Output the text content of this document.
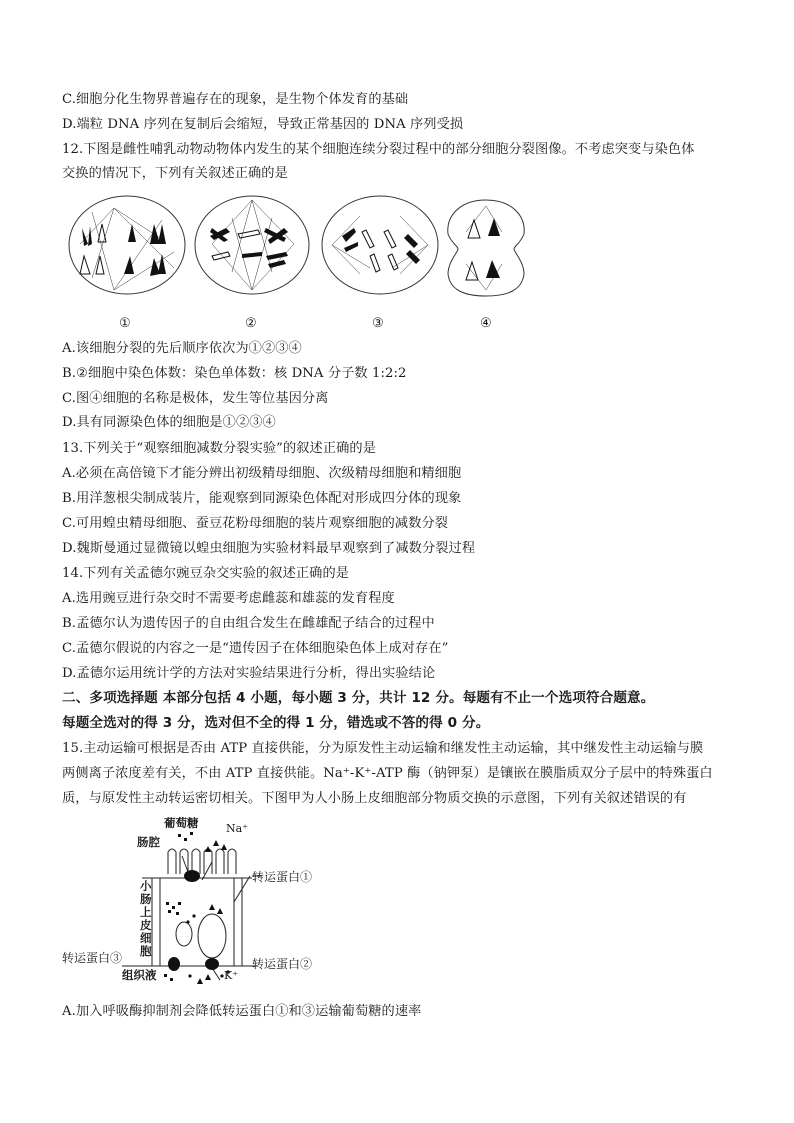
C.细胞分化生物界普遍存在的现象，是生物个体发育的基础
D.端粒 DNA 序列在复制后会缩短，导致正常基因的 DNA 序列受损
12.下图是雌性哺乳动物动物体内发生的某个细胞连续分裂过程中的部分细胞分裂图像。不考虑突变与染色体
交换的情况下，下列有关叙述正确的是
①	②	③	④
A.该细胞分裂的先后顺序依次为①②③④
B.②细胞中染色体数：染色单体数：核 DNA 分子数 1:2:2
C.图④细胞的名称是极体，发生等位基因分离
D.具有同源染色体的细胞是①②③④
13.下列关于“观察细胞减数分裂实验”的叙述正确的是
A.必须在高倍镜下才能分辨出初级精母细胞、次级精母细胞和精细胞
B.用洋葱根尖制成装片，能观察到同源染色体配对形成四分体的现象
C.可用蝗虫精母细胞、蚕豆花粉母细胞的装片观察细胞的减数分裂
D.魏斯曼通过显微镜以蝗虫细胞为实验材料最早观察到了减数分裂过程
14.下列有关孟德尔豌豆杂交实验的叙述正确的是
A.选用豌豆进行杂交时不需要考虑雌蕊和雄蕊的发育程度
B.孟德尔认为遗传因子的自由组合发生在雌雄配子结合的过程中
C.孟德尔假说的内容之一是“遗传因子在体细胞染色体上成对存在”
D.孟德尔运用统计学的方法对实验结果进行分析，得出实验结论
二、多项选择题 本部分包括 4 小题，每小题 3 分，共计 12 分。每题有不止一个选项符合题意。
每题全选对的得 3 分，选对但不全的得 1 分，错选或不答的得 0 分。
15.主动运输可根据是否由 ATP 直接供能，分为原发性主动运输和继发性主动运输，其中继发性主动运输与膜
两侧离子浓度差有关，不由 ATP 直接供能。Na⁺-K⁺-ATP 酶（钠钾泵）是镶嵌在膜脂质双分子层中的特殊蛋白
质，与原发性主动转运密切相关。下图甲为人小肠上皮细胞部分物质交换的示意图，下列有关叙述错误的有
葡萄糖	Na⁺
肠腔
转运蛋白①
小
肠
上
皮
细
胞
转运蛋白③	转运蛋白②
组织液	K⁺
A.加入呼吸酶抑制剂会降低转运蛋白①和③运输葡萄糖的速率
